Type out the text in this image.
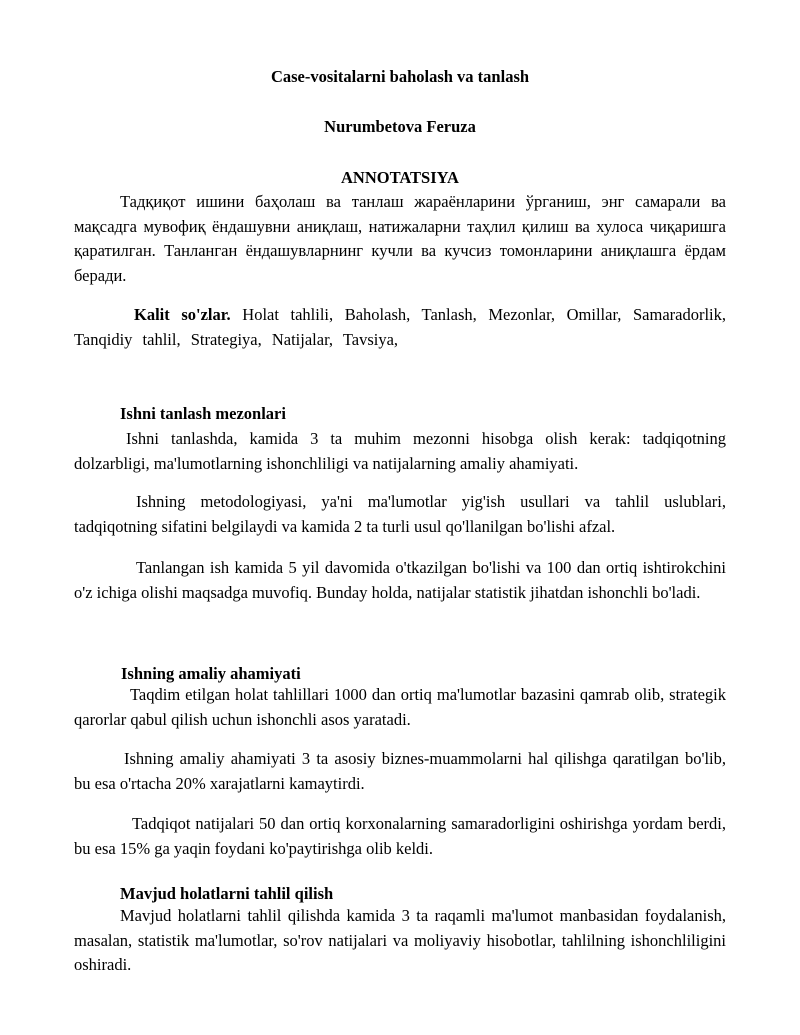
Case-vositalarni baholash va tanlash
Nurumbetova Feruza
ANNOTATSIYA

Тадқиқот ишини баҳолаш ва танлаш жараёнларини ўрганиш, энг самарали ва мақсадга мувофиқ ёндашувни аниқлаш, натижаларни таҳлил қилиш ва хулоса чиқаришга қаратилган. Танланган ёндашувларнинг кучли ва кучсиз томонларини аниқлашга ёрдам беради.

Kalit so'zlar. Holat tahlili, Baholash, Tanlash, Mezonlar, Omillar, Samaradorlik, Tanqidiy tahlil, Strategiya, Natijalar, Tavsiya,

Ishni tanlash mezonlari

Ishni tanlashda, kamida 3 ta muhim mezonni hisobga olish kerak: tadqiqotning dolzarbligi, ma'lumotlarning ishonchliligi va natijalarning amaliy ahamiyati.

Ishning metodologiyasi, ya'ni ma'lumotlar yig'ish usullari va tahlil uslublari, tadqiqotning sifatini belgilaydi va kamida 2 ta turli usul qo'llanilgan bo'lishi afzal.

Tanlangan ish kamida 5 yil davomida o'tkazilgan bo'lishi va 100 dan ortiq ishtirokchini o'z ichiga olishi maqsadga muvofiq. Bunday holda, natijalar statistik jihatdan ishonchli bo'ladi.

Ishning amaliy ahamiyati

Taqdim etilgan holat tahlillari 1000 dan ortiq ma'lumotlar bazasini qamrab olib, strategik qarorlar qabul qilish uchun ishonchli asos yaratadi.

Ishning amaliy ahamiyati 3 ta asosiy biznes-muammolarni hal qilishga qaratilgan bo'lib, bu esa o'rtacha 20% xarajatlarni kamaytirdi.

Tadqiqot natijalari 50 dan ortiq korxonalarning samaradorligini oshirishga yordam berdi, bu esa 15% ga yaqin foydani ko'paytirishga olib keldi.

Mavjud holatlarni tahlil qilish

Mavjud holatlarni tahlil qilishda kamida 3 ta raqamli ma'lumot manbasidan foydalanish, masalan, statistik ma'lumotlar, so'rov natijalari va moliyaviy hisobotlar, tahlilning ishonchliligini oshiradi.
